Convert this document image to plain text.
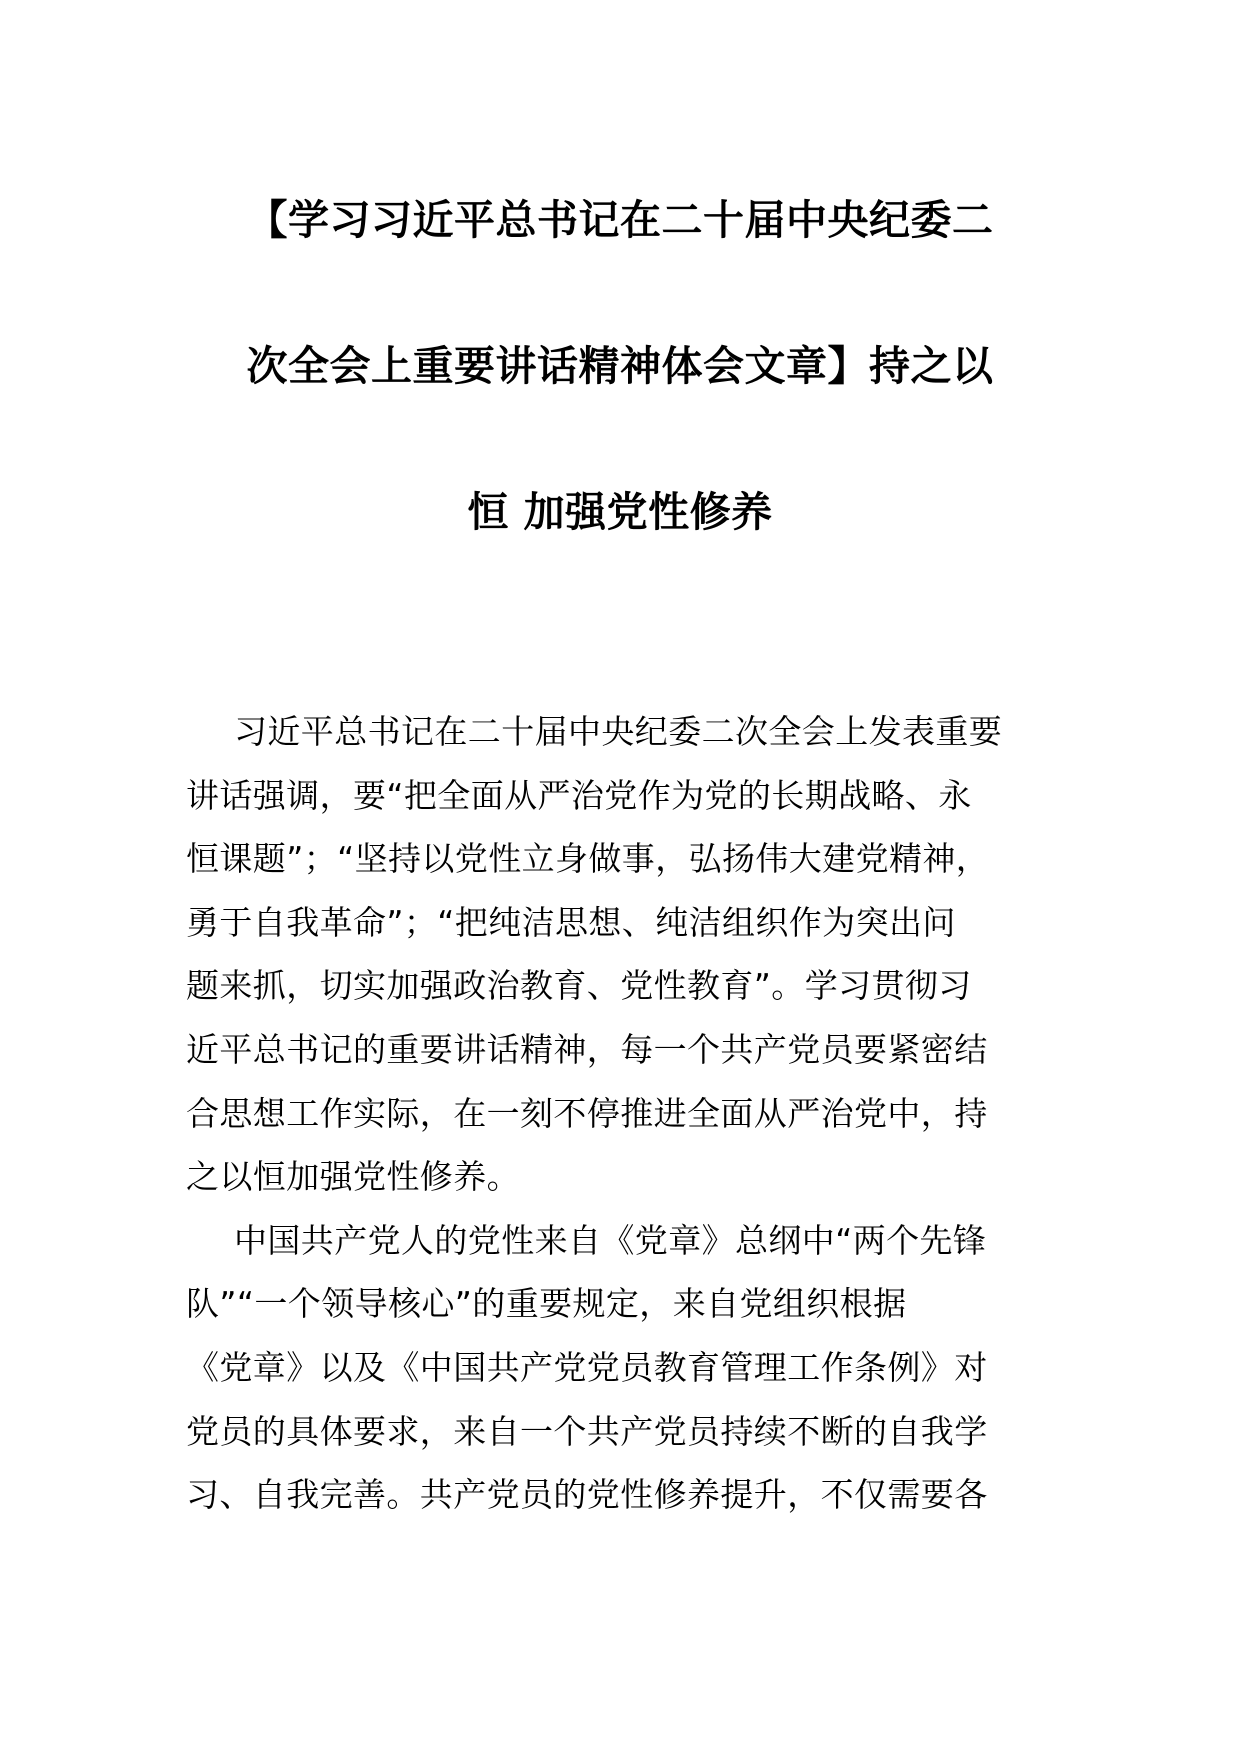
【学习习近平总书记在二十届中央纪委二
次全会上重要讲话精神体会文章】持之以
恒 加强党性修养
习近平总书记在二十届中央纪委二次全会上发表重要
讲话强调，要“把全面从严治党作为党的长期战略、永
恒课题”；“坚持以党性立身做事，弘扬伟大建党精神，
勇于自我革命”；“把纯洁思想、纯洁组织作为突出问
题来抓，切实加强政治教育、党性教育”。学习贯彻习
近平总书记的重要讲话精神，每一个共产党员要紧密结
合思想工作实际，在一刻不停推进全面从严治党中，持
之以恒加强党性修养。
中国共产党人的党性来自《党章》总纲中“两个先锋
队”“一个领导核心”的重要规定，来自党组织根据
《党章》以及《中国共产党党员教育管理工作条例》对
党员的具体要求，来自一个共产党员持续不断的自我学
习、自我完善。共产党员的党性修养提升，不仅需要各
